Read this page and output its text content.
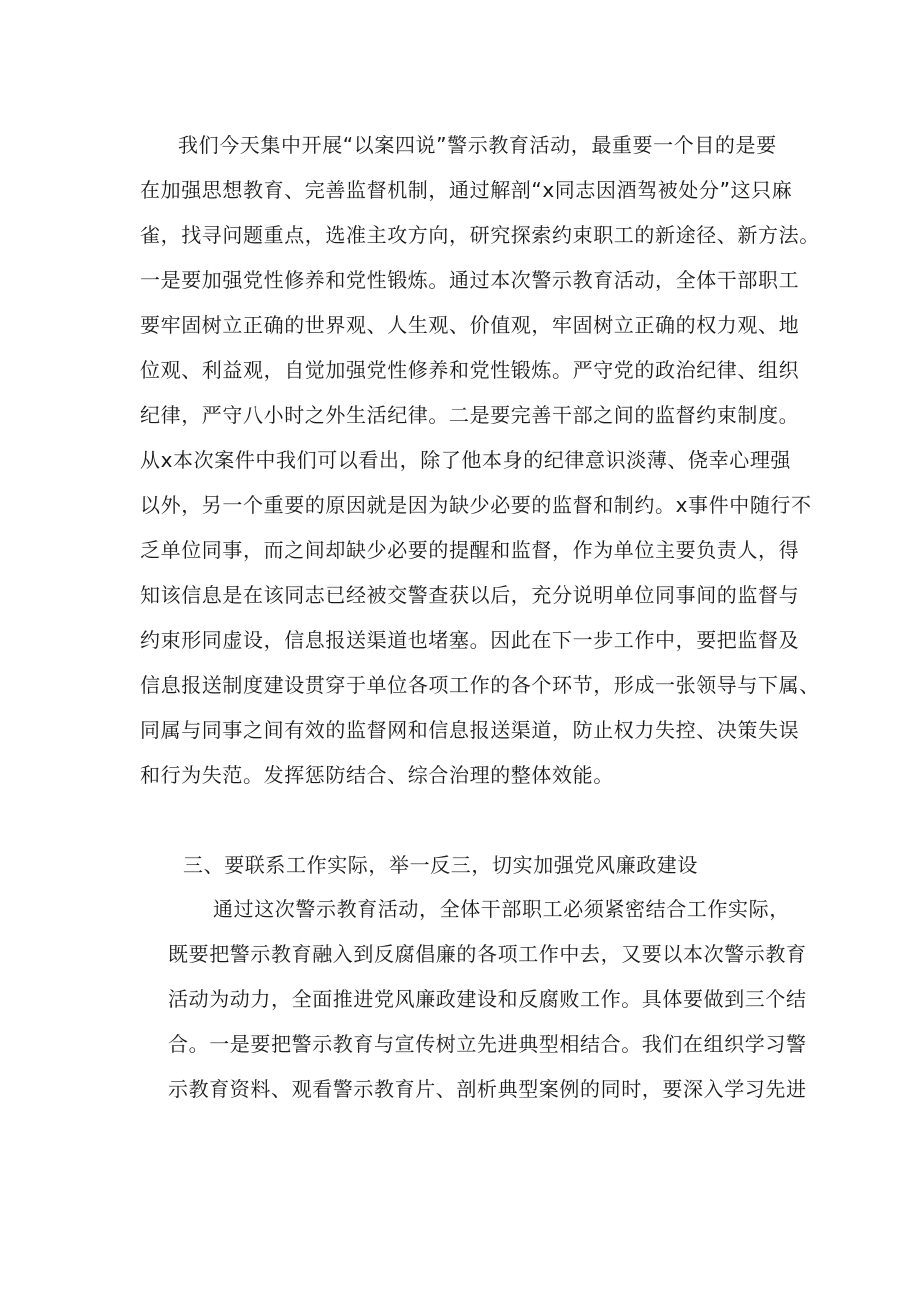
我们今天集中开展“以案四说”警示教育活动，最重要一个目的是要
在加强思想教育、完善监督机制，通过解剖“x同志因酒驾被处分”这只麻
雀，找寻问题重点，选准主攻方向，研究探索约束职工的新途径、新方法。
一是要加强党性修养和党性锻炼。通过本次警示教育活动，全体干部职工
要牢固树立正确的世界观、人生观、价值观，牢固树立正确的权力观、地
位观、利益观，自觉加强党性修养和党性锻炼。严守党的政治纪律、组织
纪律，严守八小时之外生活纪律。二是要完善干部之间的监督约束制度。
从x本次案件中我们可以看出，除了他本身的纪律意识淡薄、侥幸心理强
以外，另一个重要的原因就是因为缺少必要的监督和制约。x事件中随行不
乏单位同事，而之间却缺少必要的提醒和监督，作为单位主要负责人，得
知该信息是在该同志已经被交警查获以后，充分说明单位同事间的监督与
约束形同虚设，信息报送渠道也堵塞。因此在下一步工作中，要把监督及
信息报送制度建设贯穿于单位各项工作的各个环节，形成一张领导与下属、
同属与同事之间有效的监督网和信息报送渠道，防止权力失控、决策失误
和行为失范。发挥惩防结合、综合治理的整体效能。
三、要联系工作实际，举一反三，切实加强党风廉政建设
通过这次警示教育活动，全体干部职工必须紧密结合工作实际，
既要把警示教育融入到反腐倡廉的各项工作中去，又要以本次警示教育
活动为动力，全面推进党风廉政建设和反腐败工作。具体要做到三个结
合。一是要把警示教育与宣传树立先进典型相结合。我们在组织学习警
示教育资料、观看警示教育片、剖析典型案例的同时，要深入学习先进
